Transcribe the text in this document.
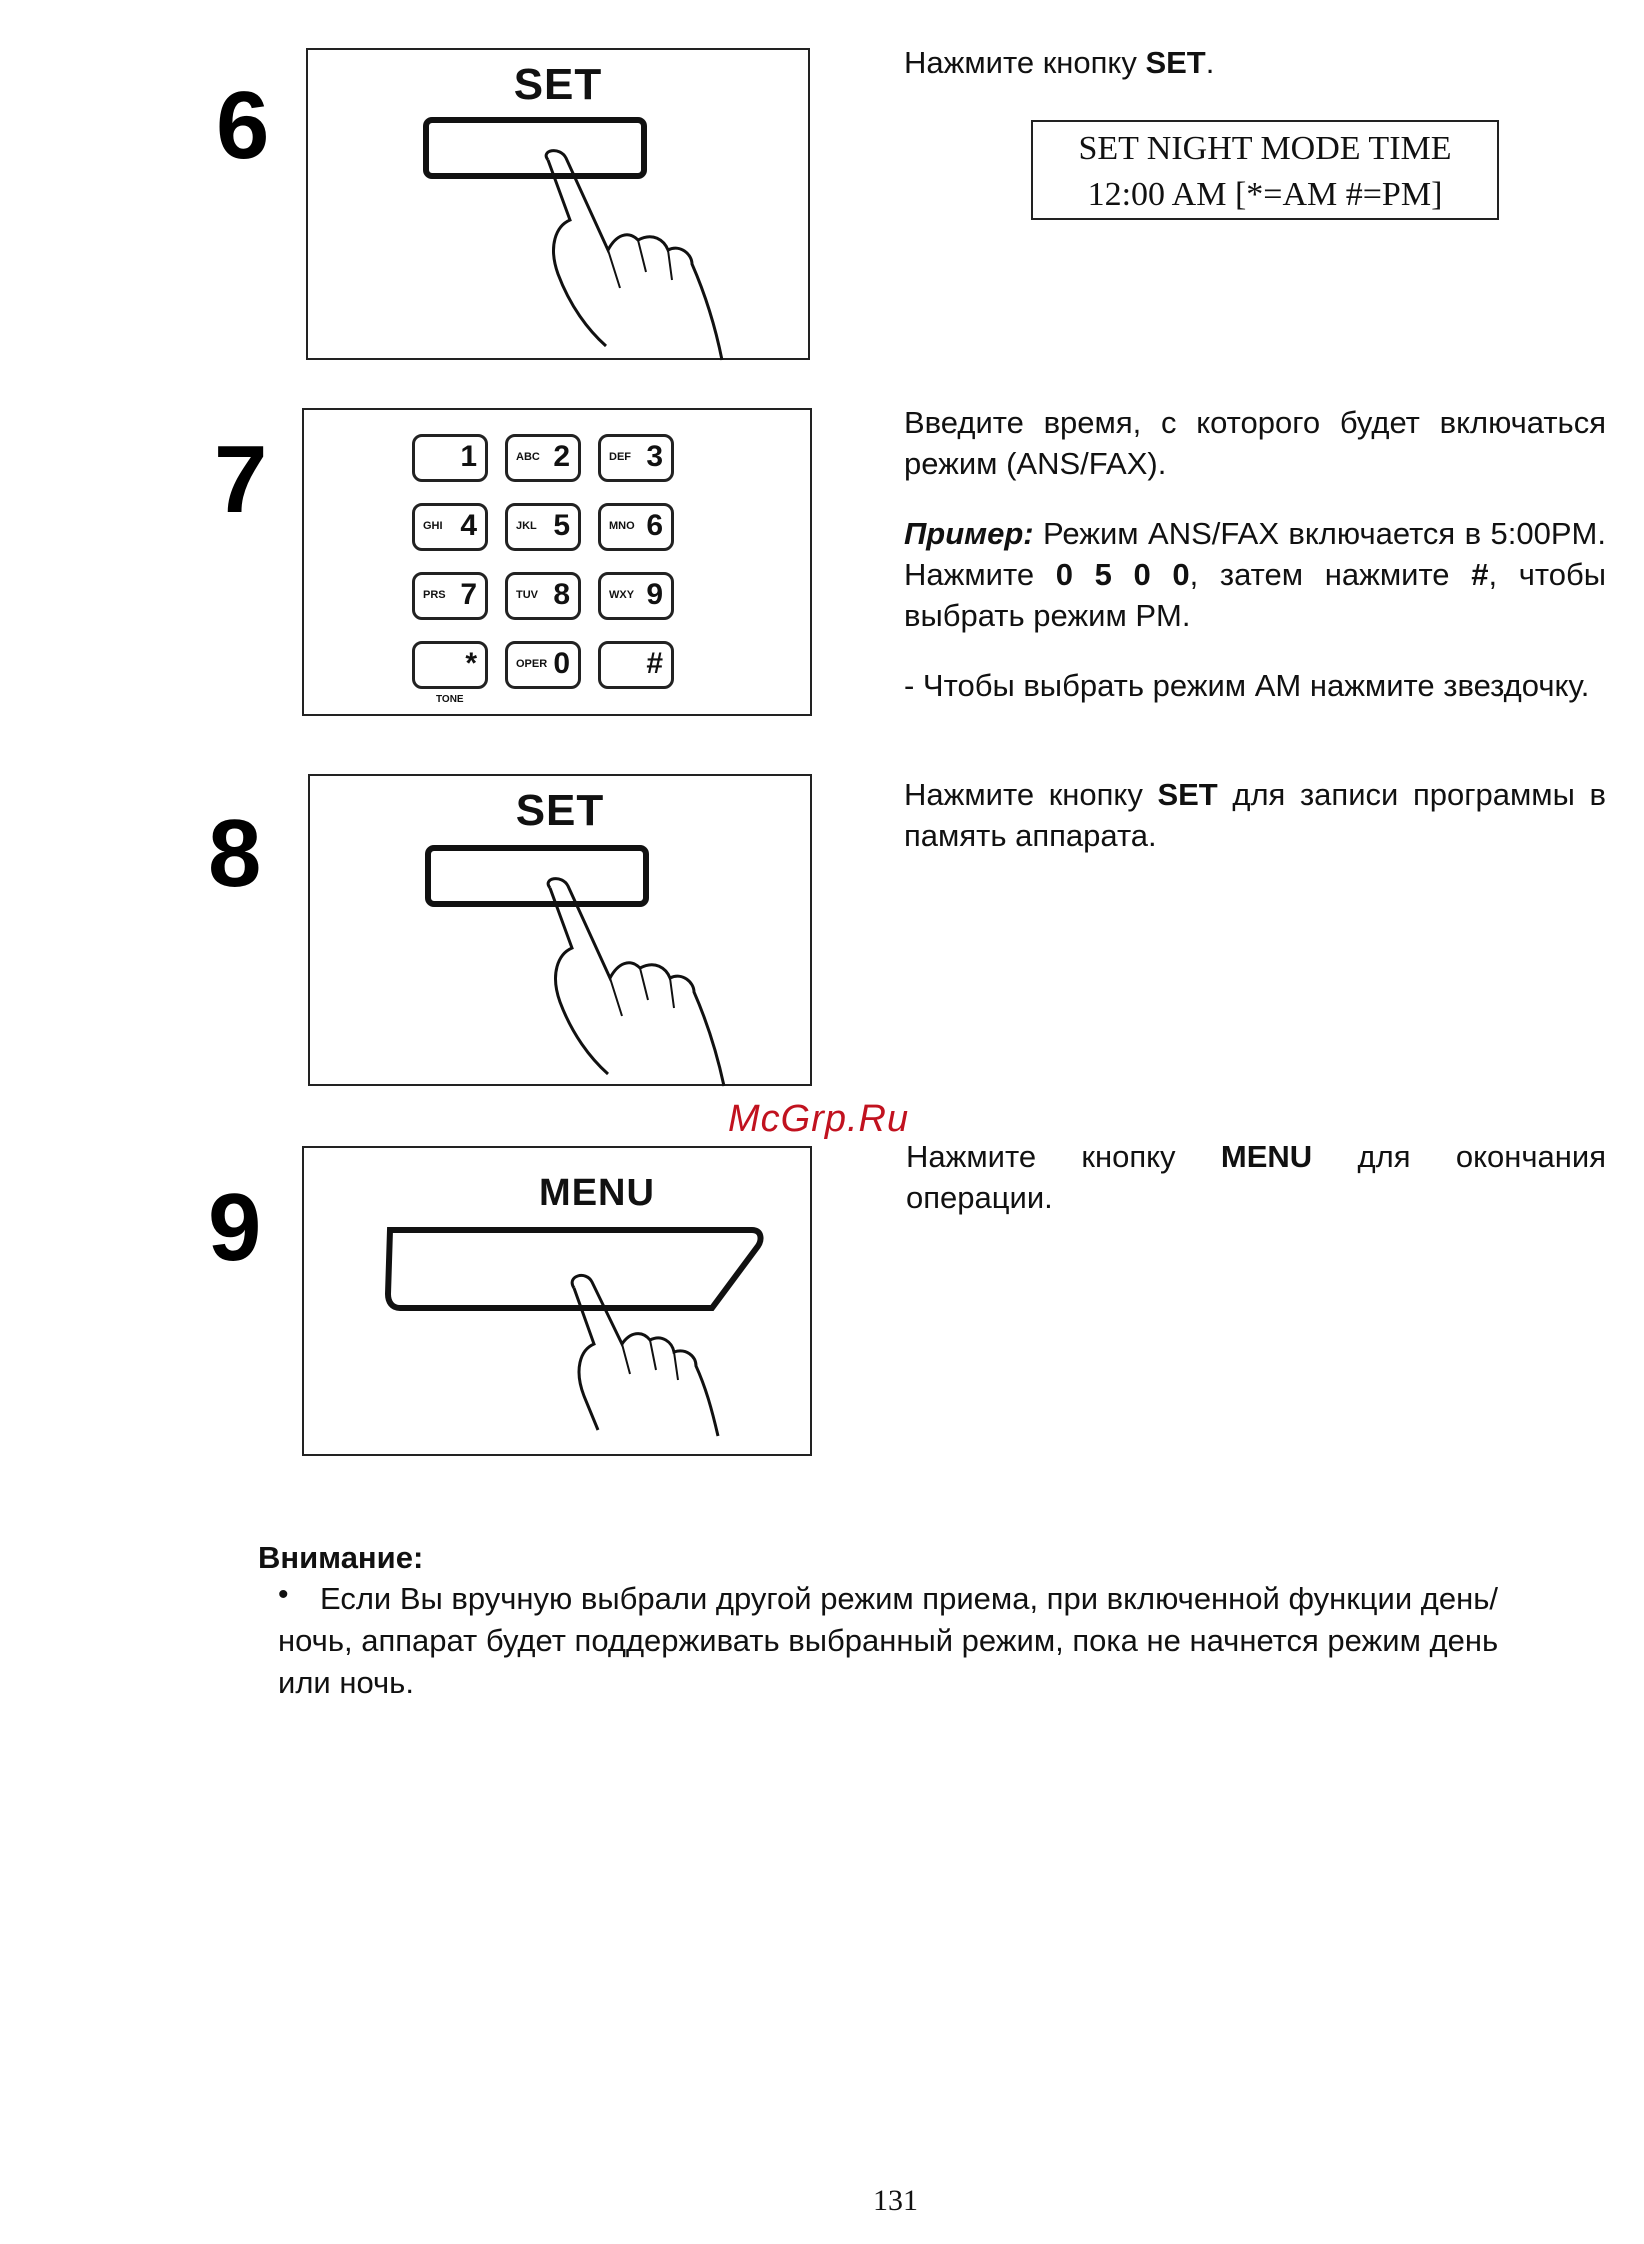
6	SET	Нажмите кнопку SET.
SET NIGHT MODE TIME
12:00 AM [*=AM #=PM]
7	1	ABC 2	DEF 3
GHI 4	JKL 5	MNO 6
PRS 7	TUV 8	WXY 9
*	OPER 0	#
TONE
Введите время, с которого будет включаться режим (ANS/FAX).
Пример: Режим ANS/FAX включается в 5:00PM. Нажмите 0 5 0 0, затем нажмите #, чтобы выбрать режим PM.
- Чтобы выбрать режим AM нажмите звездочку.
8	SET	Нажмите кнопку SET для записи программы в память аппарата.
McGrp.Ru
9	MENU
Нажмите кнопку MENU для окончания операции.
Внимание:
•	Если Вы вручную выбрали другой режим приема, при включенной функции день/ночь, аппарат будет поддерживать выбранный режим, пока не начнется режим день или ночь.
131
